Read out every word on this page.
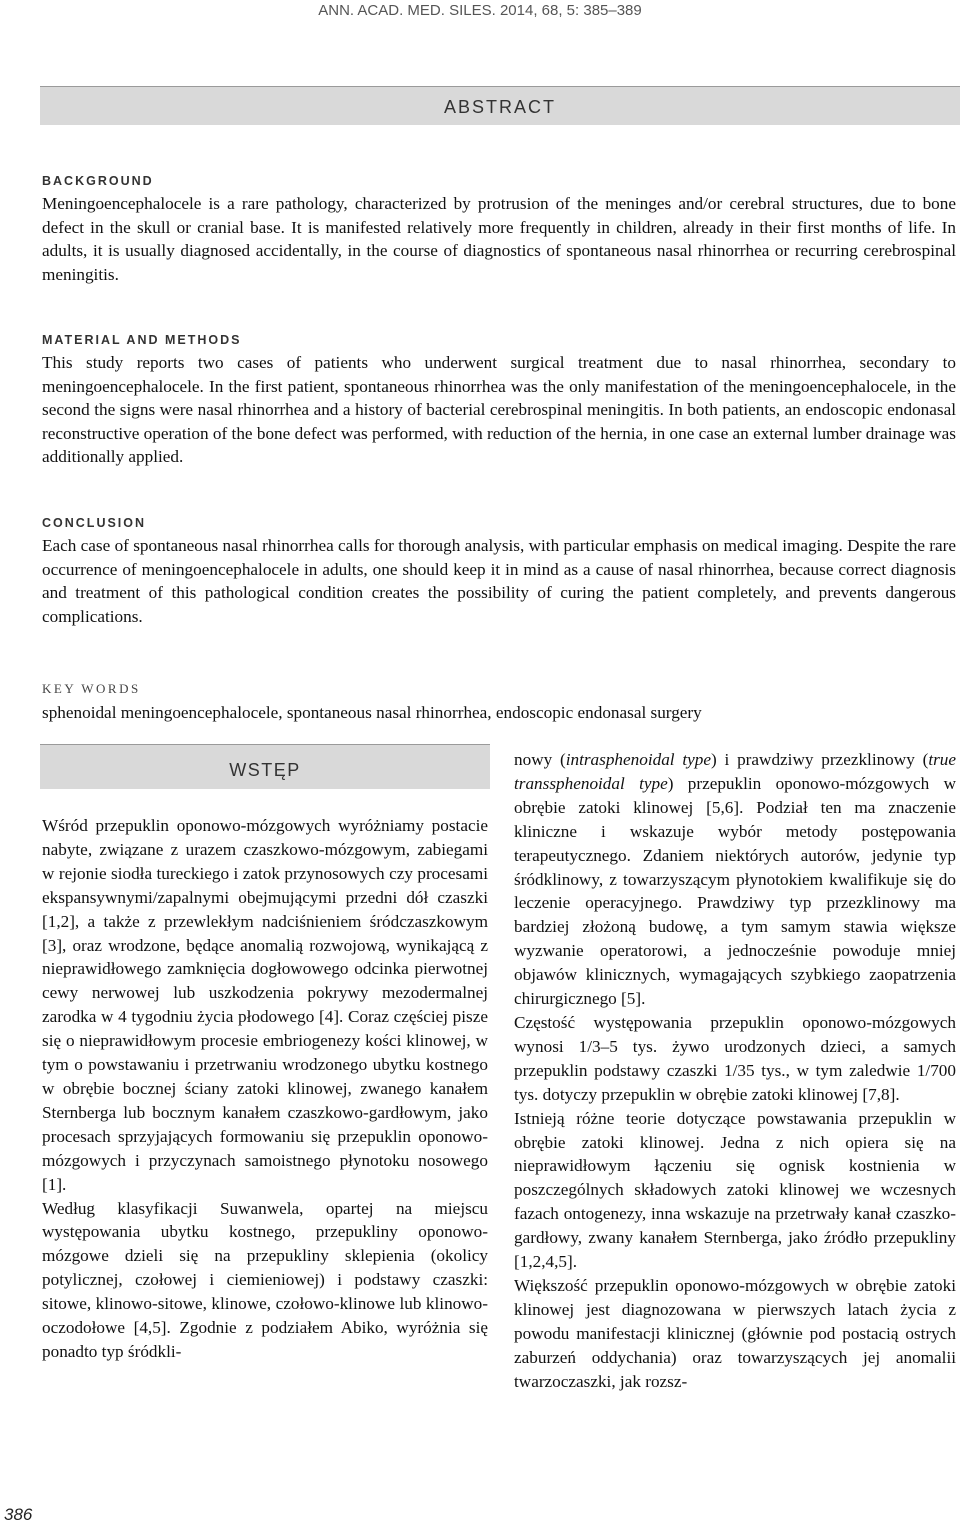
ANN. ACAD. MED. SILES. 2014, 68, 5: 385–389
ABSTRACT
BACKGROUND

Meningoencephalocele is a rare pathology, characterized by protrusion of the meninges and/or cerebral structures, due to bone defect in the skull or cranial base. It is manifested relatively more frequently in children, already in their first months of life. In adults, it is usually diagnosed accidentally, in the course of diagnostics of spontaneous nasal rhinorrhea or recurring cerebrospinal meningitis.

MATERIAL AND METHODS

This study reports two cases of patients who underwent surgical treatment due to nasal rhinorrhea, secondary to meningoencephalocele. In the first patient, spontaneous rhinorrhea was the only manifestation of the meningoencephalocele, in the second the signs were nasal rhinorrhea and a history of bacterial cerebrospinal meningitis. In both patients, an endoscopic endonasal reconstructive operation of the bone defect was performed, with reduction of the hernia, in one case an external lumber drainage was additionally applied.

CONCLUSION

Each case of spontaneous nasal rhinorrhea calls for thorough analysis, with particular emphasis on medical imaging. Despite the rare occurrence of meningoencephalocele in adults, one should keep it in mind as a cause of nasal rhinorrhea, because correct diagnosis and treatment of this pathological condition creates the possibility of curing the patient completely, and prevents dangerous complications.

KEY WORDS

sphenoidal meningoencephalocele, spontaneous nasal rhinorrhea, endoscopic endonasal surgery

WSTĘP

Wśród przepuklin oponowo-mózgowych wyróżniamy postacie nabyte, związane z urazem czaszkowo-mózgowym, zabiegami w rejonie siodła tureckiego i zatok przynosowych czy procesami ekspansywnymi/zapalnymi obejmującymi przedni dół czaszki [1,2], a także z przewlekłym nadciśnieniem śródczaszkowym [3], oraz wrodzone, będące anomalią rozwojową, wynikającą z nieprawidłowego zamknięcia dogłowowego odcinka pierwotnej cewy nerwowej lub uszkodzenia pokrywy mezodermalnej zarodka w 4 tygodniu życia płodowego [4]. Coraz częściej pisze się o nieprawidłowym procesie embriogenezy kości klinowej, w tym o powstawaniu i przetrwaniu wrodzonego ubytku kostnego w obrębie bocznej ściany zatoki klinowej, zwanego kanałem Sternberga lub bocznym kanałem czaszkowo-gardłowym, jako procesach sprzyjających formowaniu się przepuklin oponowo-mózgowych i przyczynach samoistnego płynotoku nosowego [1].

Według klasyfikacji Suwanwela, opartej na miejscu występowania ubytku kostnego, przepukliny oponowo-mózgowe dzieli się na przepukliny sklepienia (okolicy potylicznej, czołowej i ciemieniowej) i podstawy czaszki: sitowe, klinowo-sitowe, klinowe, czołowo-klinowe lub klinowo-oczodołowe [4,5]. Zgodnie z podziałem Abiko, wyróżnia się ponadto typ śródkli-

nowy (intrasphenoidal type) i prawdziwy przezklinowy (true transsphenoidal type) przepuklin oponowo-mózgowych w obrębie zatoki klinowej [5,6]. Podział ten ma znaczenie kliniczne i wskazuje wybór metody postępowania terapeutycznego. Zdaniem niektórych autorów, jedynie typ śródklinowy, z towarzyszącym płynotokiem kwalifikuje się do leczenie operacyjnego. Prawdziwy typ przezklinowy ma bardziej złożoną budowę, a tym samym stawia większe wyzwanie operatorowi, a jednocześnie powoduje mniej objawów klinicznych, wymagających szybkiego zaopatrzenia chirurgicznego [5].

Częstość występowania przepuklin oponowo-mózgowych wynosi 1/3–5 tys. żywo urodzonych dzieci, a samych przepuklin podstawy czaszki 1/35 tys., w tym zaledwie 1/700 tys. dotyczy przepuklin w obrębie zatoki klinowej [7,8].

Istnieją różne teorie dotyczące powstawania przepuklin w obrębie zatoki klinowej. Jedna z nich opiera się na nieprawidłowym łączeniu się ognisk kostnienia w poszczególnych składowych zatoki klinowej we wczesnych fazach ontogenezy, inna wskazuje na przetrwały kanał czaszko-gardłowy, zwany kanałem Sternberga, jako źródło przepukliny [1,2,4,5].

Większość przepuklin oponowo-mózgowych w obrębie zatoki klinowej jest diagnozowana w pierwszych latach życia z powodu manifestacji klinicznej (głównie pod postacią ostrych zaburzeń oddychania) oraz towarzyszących jej anomalii twarzoczaszki, jak rozsz-

386
